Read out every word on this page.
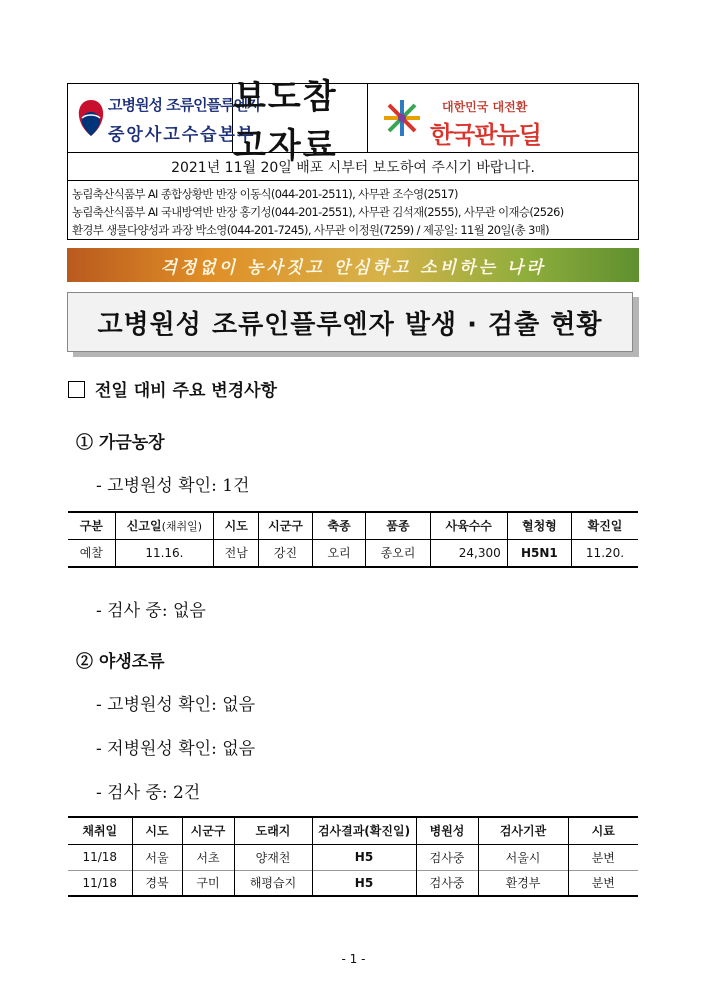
고병원성 조류인플루엔자
중앙사고수습본부
보도참고자료
대한민국 대전환
한국판뉴딜
2021년 11월 20일 배포 시부터 보도하여 주시기 바랍니다.
농림축산식품부 AI 종합상황반 반장 이동식(044-201-2511), 사무관 조수영(2517)
농림축산식품부 AI 국내방역반 반장 홍기성(044-201-2551), 사무관 김석재(2555), 사무관 이재승(2526)
환경부 생물다양성과 과장 박소영(044-201-7245), 사무관 이정원(7259) / 제공일: 11월 20일(총 3매)
걱정없이 농사짓고 안심하고 소비하는 나라
고병원성 조류인플루엔자 발생 · 검출 현황
전일 대비 주요 변경사항
① 가금농장
- 고병원성 확인: 1건
구분	신고일(채취일)	시도	시군구	축종	품종	사육수수	혈청형	확진일
예찰	11.16.	전남	강진	오리	종오리	24,300	H5N1	11.20.
- 검사 중: 없음
② 야생조류
- 고병원성 확인: 없음
- 저병원성 확인: 없음
- 검사 중: 2건
채취일	시도	시군구	도래지	검사결과(확진일)	병원성	검사기관	시료
11/18	서울	서초	양재천	H5	검사중	서울시	분변
11/18	경북	구미	해평습지	H5	검사중	환경부	분변
- 1 -
